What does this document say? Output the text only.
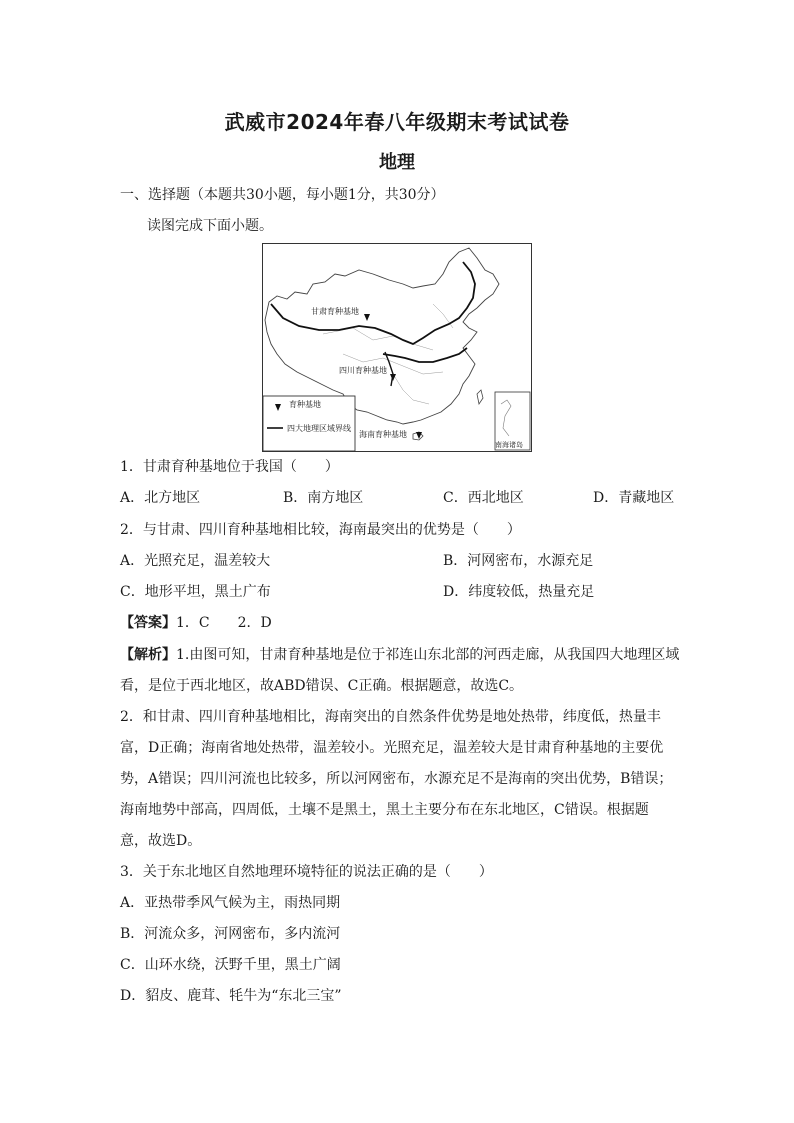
武威市2024年春八年级期末考试试卷
地理
一、选择题（本题共30小题，每小题1分，共30分）
读图完成下面小题。
甘肃育种基地
四川育种基地
海南育种基地
南海诸岛
育种基地
四大地理区域界线
1．甘肃育种基地位于我国（　　）
A．北方地区	B．南方地区	C．西北地区	D．青藏地区
2．与甘肃、四川育种基地相比较，海南最突出的优势是（　　）
A．光照充足，温差较大	B．河网密布，水源充足
C．地形平坦，黑土广布	D．纬度较低，热量充足
【答案】1．C　　2．D
【解析】1.由图可知，甘肃育种基地是位于祁连山东北部的河西走廊，从我国四大地理区域
看，是位于西北地区，故ABD错误、C正确。根据题意，故选C。
2．和甘肃、四川育种基地相比，海南突出的自然条件优势是地处热带，纬度低，热量丰
富，D正确；海南省地处热带，温差较小。光照充足，温差较大是甘肃育种基地的主要优
势，A错误；四川河流也比较多，所以河网密布，水源充足不是海南的突出优势，B错误；
海南地势中部高，四周低，土壤不是黑土，黑土主要分布在东北地区，C错误。根据题
意，故选D。
3．关于东北地区自然地理环境特征的说法正确的是（　　）
A．亚热带季风气候为主，雨热同期
B．河流众多，河网密布，多内流河
C．山环水绕，沃野千里，黑土广阔
D．貂皮、鹿茸、牦牛为“东北三宝”
